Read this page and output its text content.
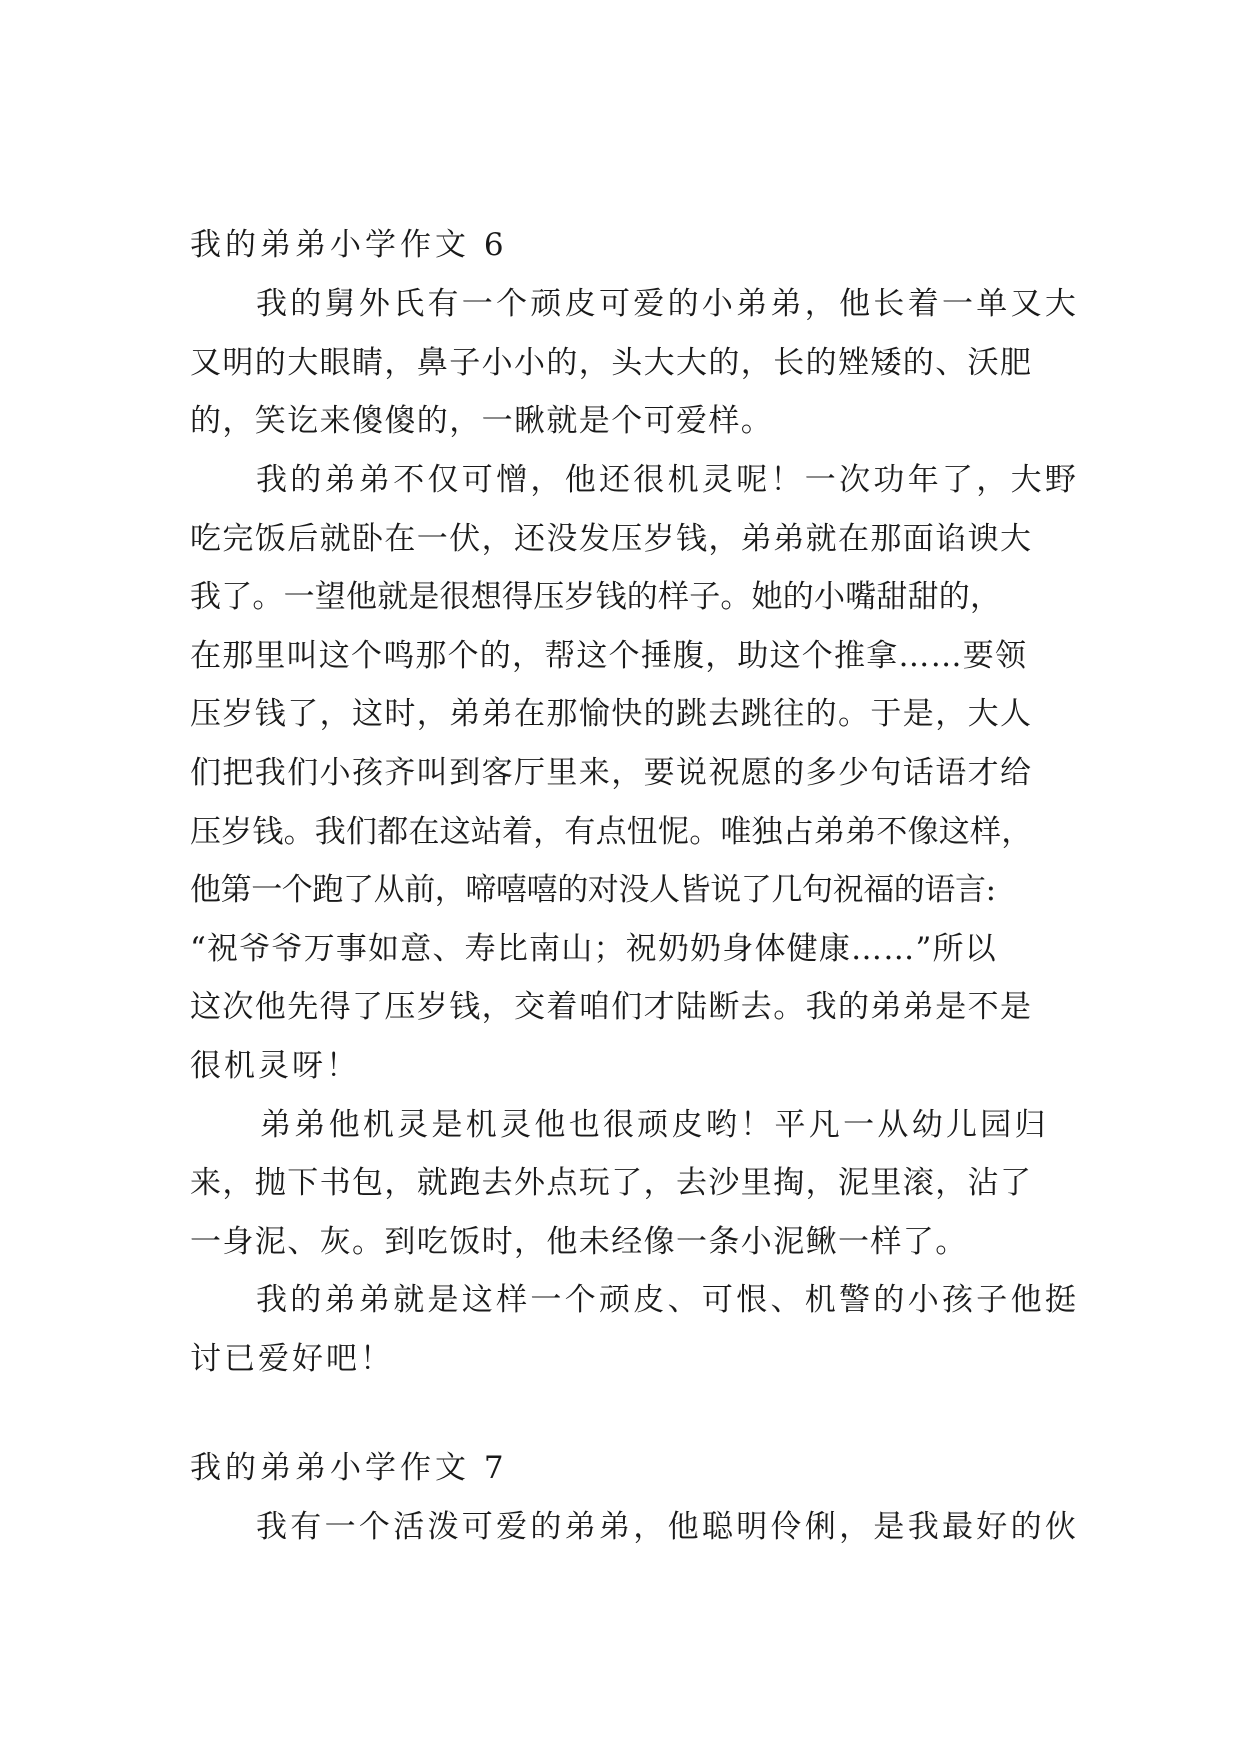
我的弟弟小学作文 6

我的舅外氏有一个顽皮可爱的小弟弟，他长着一单又大

又明的大眼睛，鼻子小小的，头大大的，长的矬矮的、沃肥

的，笑讫来傻傻的，一瞅就是个可爱样。

我的弟弟不仅可憎，他还很机灵呢！一次功年了，大野

吃完饭后就卧在一伏，还没发压岁钱，弟弟就在那面谄谀大

我了。一望他就是很想得压岁钱的样子。她的小嘴甜甜的，

在那里叫这个鸣那个的，帮这个捶腹，助这个推拿……要领

压岁钱了，这时，弟弟在那愉快的跳去跳往的。于是，大人

们把我们小孩齐叫到客厅里来，要说祝愿的多少句话语才给

压岁钱。我们都在这站着，有点忸怩。唯独占弟弟不像这样，

他第一个跑了从前，啼嘻嘻的对没人皆说了几句祝福的语言:

“祝爷爷万事如意、寿比南山；祝奶奶身体健康……”所以

这次他先得了压岁钱，交着咱们才陆断去。我的弟弟是不是

很机灵呀！

弟弟他机灵是机灵他也很顽皮哟！平凡一从幼儿园归

来，抛下书包，就跑去外点玩了，去沙里掏，泥里滚，沾了

一身泥、灰。到吃饭时，他未经像一条小泥鳅一样了。

我的弟弟就是这样一个顽皮、可恨、机警的小孩子他挺

讨已爱好吧！

我的弟弟小学作文 7

我有一个活泼可爱的弟弟，他聪明伶俐，是我最好的伙
